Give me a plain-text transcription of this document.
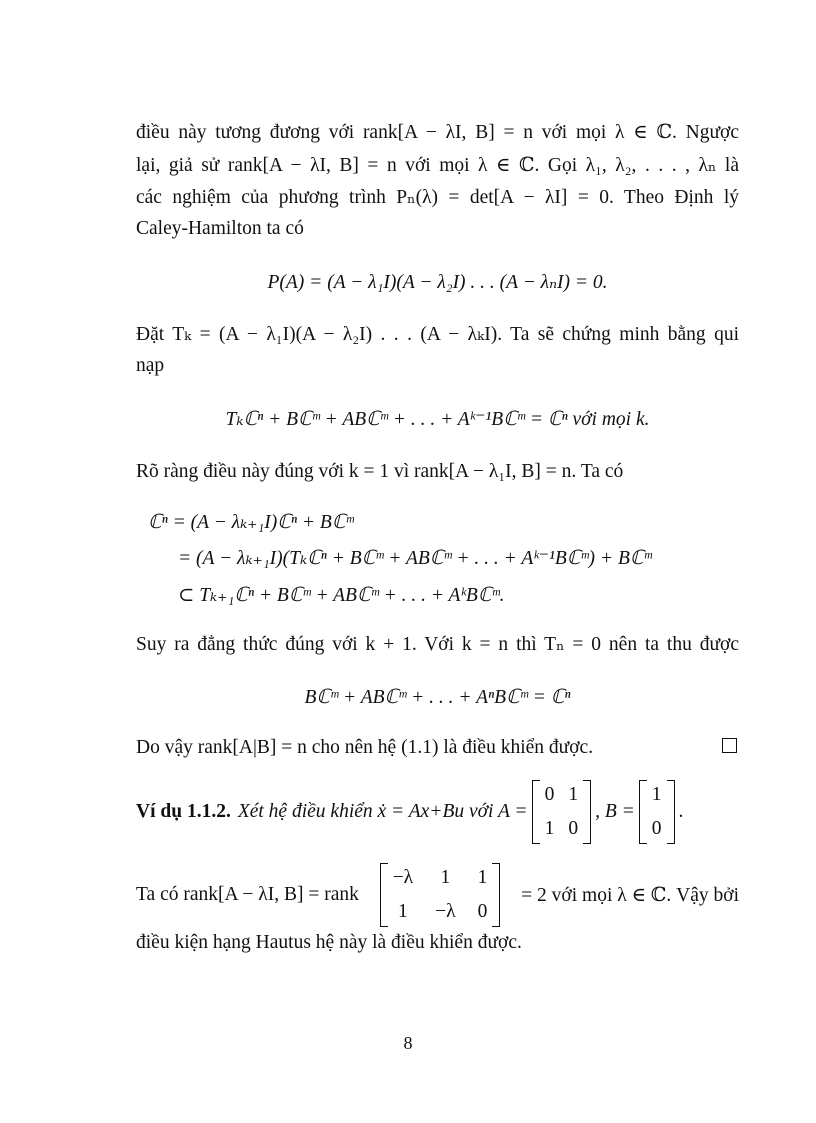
điều này tương đương với rank[A − λI, B] = n với mọi λ ∈ ℂ. Ngược
lại, giả sử rank[A − λI, B] = n với mọi λ ∈ ℂ. Gọi λ₁, λ₂, . . . , λₙ là
các nghiệm của phương trình Pₙ(λ) = det[A − λI] = 0. Theo Định lý
Caley-Hamilton ta có
P(A) = (A − λ₁I)(A − λ₂I) . . . (A − λₙI) = 0.
Đặt Tₖ = (A − λ₁I)(A − λ₂I) . . . (A − λₖI). Ta sẽ chứng minh bằng qui
nạp
Tₖℂⁿ + Bℂᵐ + ABℂᵐ + . . . + Aᵏ⁻¹Bℂᵐ = ℂⁿ với mọi k.
Rõ ràng điều này đúng với k = 1 vì rank[A − λ₁I, B] = n. Ta có
ℂⁿ = (A − λₖ₊₁I)ℂⁿ + Bℂᵐ
= (A − λₖ₊₁I)(Tₖℂⁿ + Bℂᵐ + ABℂᵐ + . . . + Aᵏ⁻¹Bℂᵐ) + Bℂᵐ
⊂ Tₖ₊₁ℂⁿ + Bℂᵐ + ABℂᵐ + . . . + AᵏBℂᵐ.
Suy ra đẳng thức đúng với k + 1. Với k = n thì Tₙ = 0 nên ta thu được
Bℂᵐ + ABℂᵐ + . . . + AⁿBℂᵐ = ℂⁿ
Do vậy rank[A|B] = n cho nên hệ (1.1) là điều khiển được.
Ví dụ 1.1.2. Xét hệ điều khiển ẋ = Ax+Bu với A =
0 1
1 0
, B =
1
0
.
Ta có rank[A − λI, B] = rank
−λ 1 1
1 −λ 0
= 2 với mọi λ ∈ ℂ. Vậy bởi
điều kiện hạng Hautus hệ này là điều khiển được.
8
